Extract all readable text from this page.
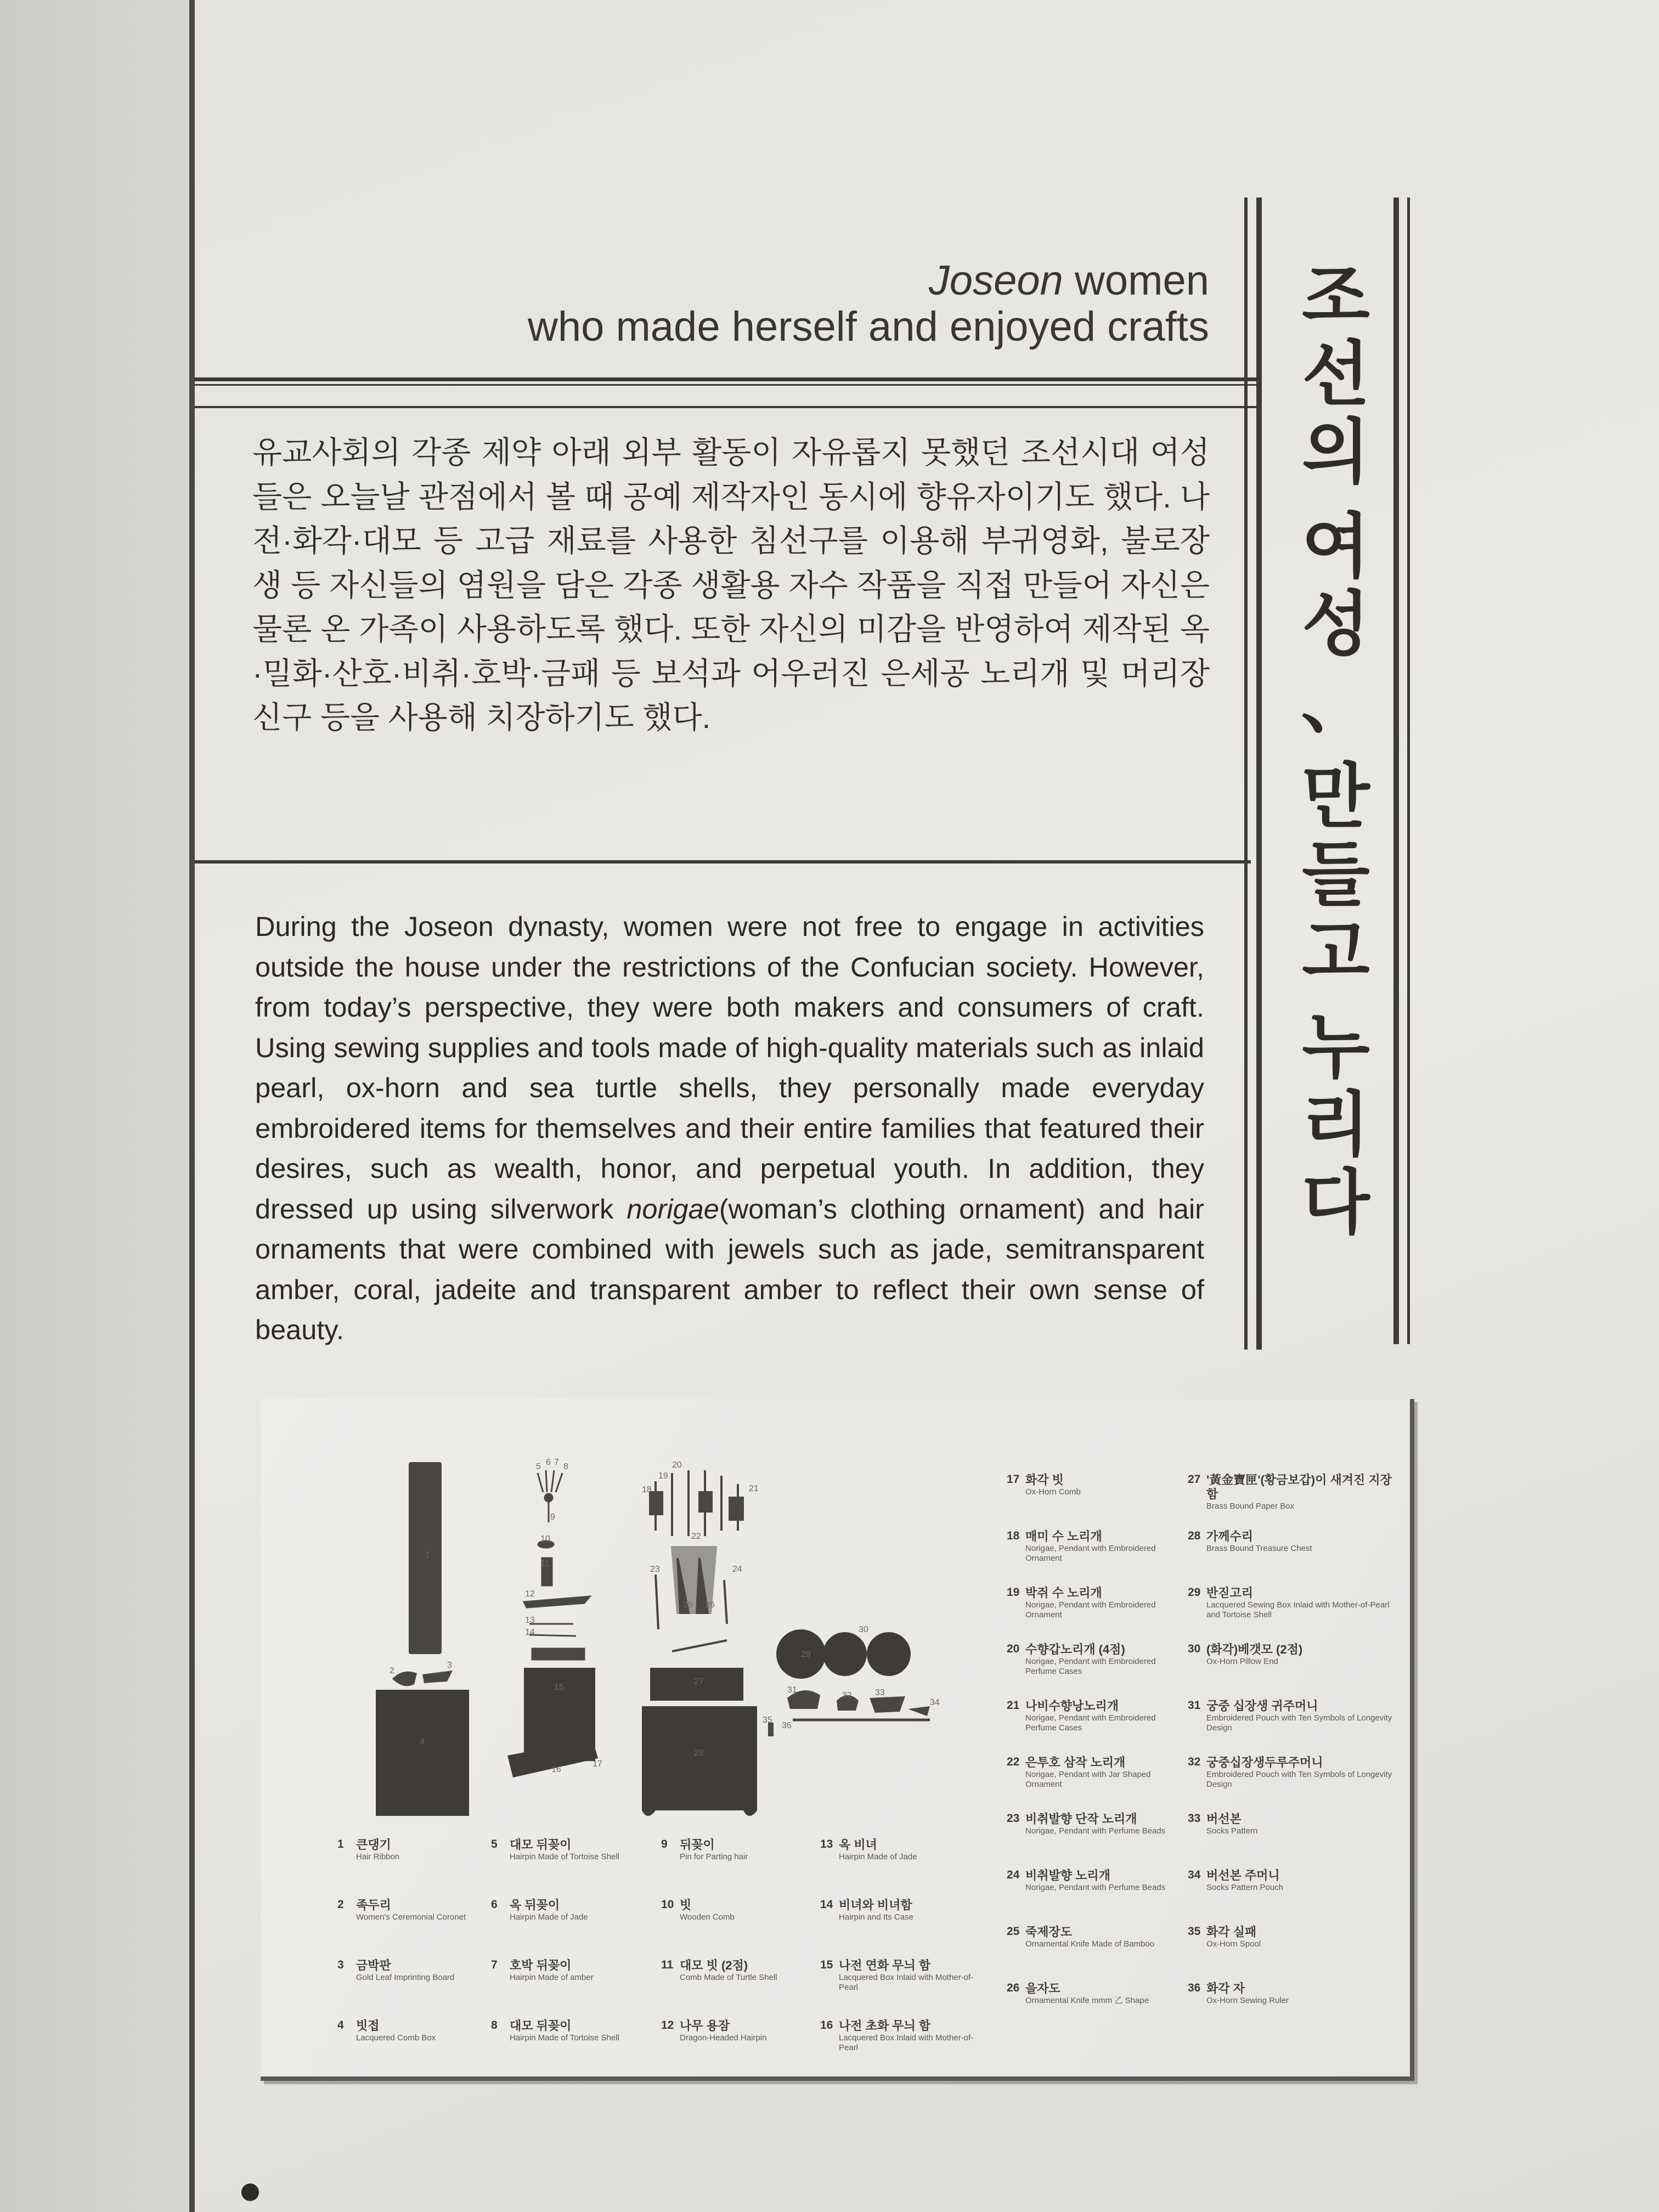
Joseon women
who made herself and enjoyed crafts 조
선
의
여
성
、
만
들
고
누
리
다
유교사회의 각종 제약 아래 외부 활동이 자유롭지 못했던 조선시대 여성들은 오늘날 관점에서 볼 때 공예 제작자인 동시에 향유자이기도 했다. 나전·화각·대모 등 고급 재료를 사용한 침선구를 이용해 부귀영화, 불로장생 등 자신들의 염원을 담은 각종 생활용 자수 작품을 직접 만들어 자신은 물론 온 가족이 사용하도록 했다. 또한 자신의 미감을 반영하여 제작된 옥·밀화·산호·비취·호박·금패 등 보석과 어우러진 은세공 노리개 및 머리장신구 등을 사용해 치장하기도 했다.
During the Joseon dynasty, women were not free to engage in activities outside the house under the restrictions of the Confucian society. However, from today’s perspective, they were both makers and consumers of craft. Using sewing supplies and tools made of high-quality materials such as inlaid pearl, ox-horn and sea turtle shells, they personally made everyday embroidered items for themselves and their entire families that featured their desires, such as wealth, honor, and perpetual youth. In addition, they dressed up using silverwork norigae(woman’s clothing ornament) and hair ornaments that were combined with jewels such as jade, semitransparent amber, coral, jadeite and transparent amber to reflect their own sense of beauty.
1
2
3
4
5 6 7 8
9
10
11
12
13
14
15
16
17
18
19
20
21
22
23	24
25 26
27
28
29
30
31
32	33
34
35
36
1	큰댕기
Hair Ribbon
2	족두리
Women's Ceremonial Coronet
3	금박판
Gold Leaf Imprinting Board
4	빗접
Lacquered Comb Box
5	대모 뒤꽂이
Hairpin Made of Tortoise Shell
6	옥 뒤꽂이
Hairpin Made of Jade
7	호박 뒤꽂이
Hairpin Made of amber
8	대모 뒤꽂이
Hairpin Made of Tortoise Shell
9	뒤꽂이
Pin for Parting hair
10 빗
Wooden Comb
11 대모 빗 (2점)
Comb Made of Turtle Shell
12 나무 용잠
Dragon-Headed Hairpin
13 옥 비녀
Hairpin Made of Jade
14 비녀와 비녀함
Hairpin and Its Case
15 나전 연화 무늬 함
Lacquered Box Inlaid with Mother-of-Pearl
16 나전 초화 무늬 함
Lacquered Box Inlaid with Mother-of-Pearl
17 화각 빗
Ox-Horn Comb
18 매미 수 노리개
Norigae, Pendant with Embroidered Ornament
19 박쥐 수 노리개
Norigae, Pendant with Embroidered Ornament
20 수향갑노리개 (4점)
Norigae, Pendant with Embroidered Perfume Cases
21 나비수향낭노리개
Norigae, Pendant with Embroidered Perfume Cases
22 은투호 삼작 노리개
Norigae, Pendant with Jar Shaped Ornament
23 비취발향 단작 노리개
Norigae, Pendant with Perfume Beads
24 비취발향 노리개
Norigae, Pendant with Perfume Beads
25 죽제장도
Ornamental Knife Made of Bamboo
26 을자도
Ornamental Knife mmm 乙 Shape
27 '黃金寶匣'(황금보갑)이 새겨진 지장함
Brass Bound Paper Box
28 가께수리
Brass Bound Treasure Chest
29 반짇고리
Lacquered Sewing Box Inlaid with Mother-of-Pearl and Tortoise Shell
30 (화각)베갯모 (2점)
Ox-Horn Pillow End
31 궁중 십장생 귀주머니
Embroidered Pouch with Ten Symbols of Longevity Design
32 궁중십장생두루주머니
Embroidered Pouch with Ten Symbols of Longevity Design
33 버선본
Socks Pattern
34 버선본 주머니
Socks Pattern Pouch
35 화각 실패
Ox-Horn Spool
36 화각 자
Ox-Horn Sewing Ruler
